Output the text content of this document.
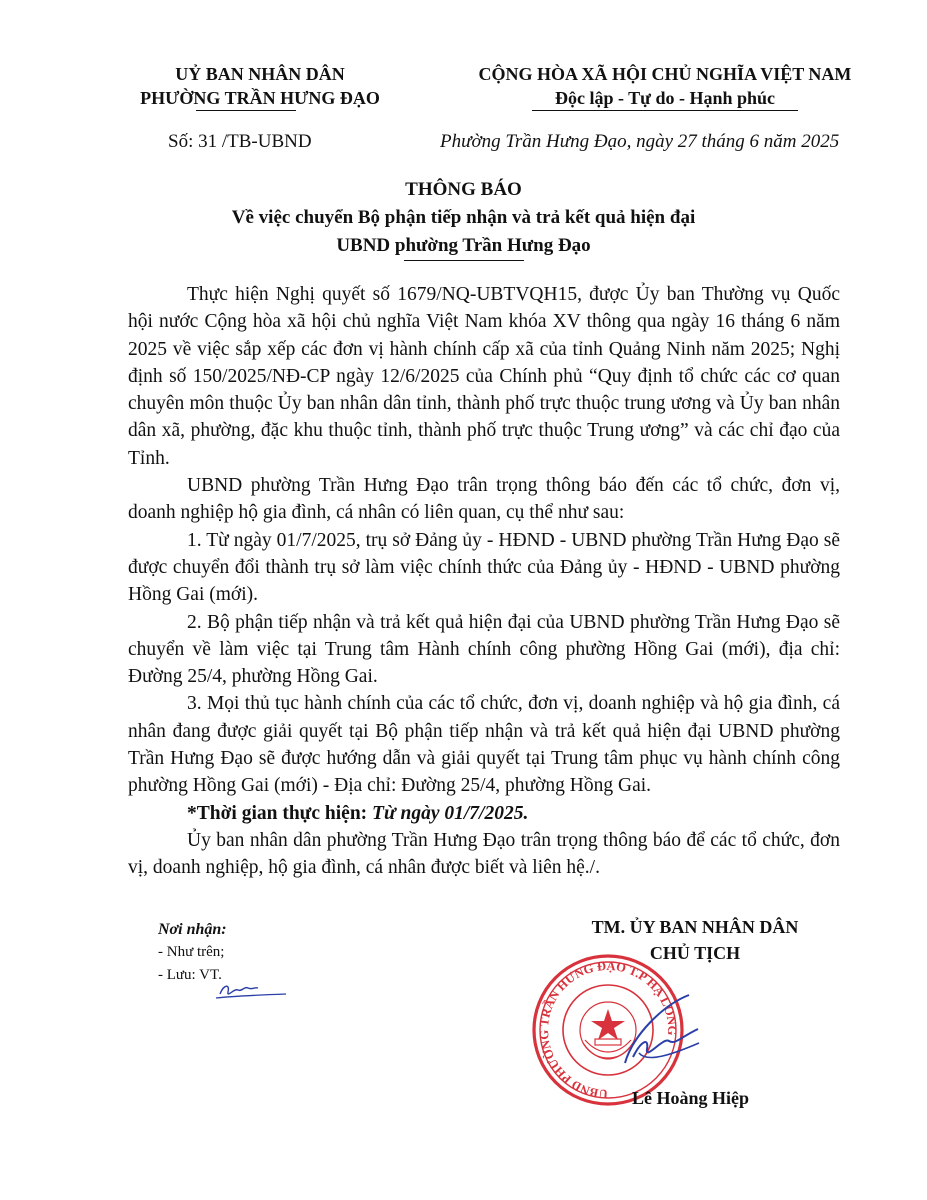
UỶ BAN NHÂN DÂN
PHƯỜNG TRẦN HƯNG ĐẠO
CỘNG HÒA XÃ HỘI CHỦ NGHĨA VIỆT NAM
Độc lập - Tự do - Hạnh phúc
Số: 31 /TB-UBND	Phường Trần Hưng Đạo, ngày 27 tháng 6 năm 2025
THÔNG BÁO
Về việc chuyển Bộ phận tiếp nhận và trả kết quả hiện đại
UBND phường Trần Hưng Đạo

Thực hiện Nghị quyết số 1679/NQ-UBTVQH15, được Ủy ban Thường vụ Quốc hội nước Cộng hòa xã hội chủ nghĩa Việt Nam khóa XV thông qua ngày 16 tháng 6 năm 2025 về việc sắp xếp các đơn vị hành chính cấp xã của tỉnh Quảng Ninh năm 2025; Nghị định số 150/2025/NĐ-CP ngày 12/6/2025 của Chính phủ “Quy định tổ chức các cơ quan chuyên môn thuộc Ủy ban nhân dân tỉnh, thành phố trực thuộc trung ương và Ủy ban nhân dân xã, phường, đặc khu thuộc tỉnh, thành phố trực thuộc Trung ương” và các chỉ đạo của Tỉnh.

UBND phường Trần Hưng Đạo trân trọng thông báo đến các tổ chức, đơn vị, doanh nghiệp hộ gia đình, cá nhân có liên quan, cụ thể như sau:

1. Từ ngày 01/7/2025, trụ sở Đảng ủy - HĐND - UBND phường Trần Hưng Đạo sẽ được chuyển đổi thành trụ sở làm việc chính thức của Đảng ủy - HĐND - UBND phường Hồng Gai (mới).

2. Bộ phận tiếp nhận và trả kết quả hiện đại của UBND phường Trần Hưng Đạo sẽ chuyển về làm việc tại Trung tâm Hành chính công phường Hồng Gai (mới), địa chỉ: Đường 25/4, phường Hồng Gai.

3. Mọi thủ tục hành chính của các tổ chức, đơn vị, doanh nghiệp và hộ gia đình, cá nhân đang được giải quyết tại Bộ phận tiếp nhận và trả kết quả hiện đại UBND phường Trần Hưng Đạo sẽ được hướng dẫn và giải quyết tại Trung tâm phục vụ hành chính công phường Hồng Gai (mới) - Địa chỉ: Đường 25/4, phường Hồng Gai.

*Thời gian thực hiện: Từ ngày 01/7/2025.

Ủy ban nhân dân phường Trần Hưng Đạo trân trọng thông báo để các tổ chức, đơn vị, doanh nghiệp, hộ gia đình, cá nhân được biết và liên hệ./.

Nơi nhận:
- Như trên;
- Lưu: VT.
TM. ỦY BAN NHÂN DÂN
CHỦ TỊCH
UBND PHƯỜNG TRẦN HƯNG ĐẠO T.P HẠ LONG
Lê Hoàng Hiệp
